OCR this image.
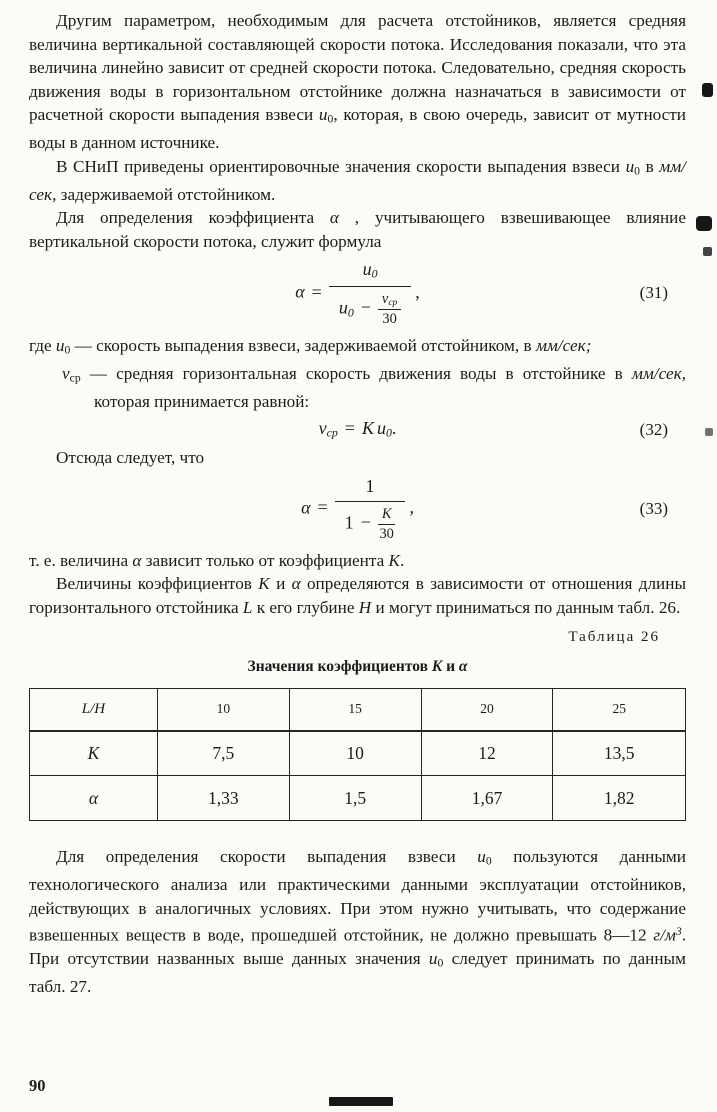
Другим параметром, необходимым для расчета отстойников, является средняя величина вертикальной составляющей скорости потока. Исследования показали, что эта величина линейно зависит от средней скорости потока. Следовательно, средняя скорость движения воды в горизонтальном отстойнике должна назначаться в зависимости от расчетной скорости выпадения взвеси u0, которая, в свою очередь, зависит от мутности воды в данном источнике.

В СНиП приведены ориентировочные значения скорости выпадения взвеси u0 в мм/сек, задерживаемой отстойником.

Для определения коэффициента α , учитывающего взвешивающее влияние вертикальной скорости потока, служит формула

$\alpha = u_0$
$u_0 - v_{ср}$
30 ,	(31)

где u0 — скорость выпадения взвеси, задерживаемой отстойником, в мм/сек;

vср — средняя горизонтальная скорость движения воды в отстойнике в мм/сек, которая принимается равной:

$v_{ср} = K$ $u_0$.	(32)

Отсюда следует, что

$\alpha = \frac{1}{1 - \frac{K}{30}}$ ,	(33)

т. е. величина α зависит только от коэффициента K.

Величины коэффициентов K и α определяются в зависимости от отношения длины горизонтального отстойника L к его глубине H и могут приниматься по данным табл. 26.

Таблица 26
Значения коэффициентов K и α
L/H	10	15	20	25
K	7,5	10	12	13,5
α	1,33	1,5	1,67	1,82

Для определения скорости выпадения взвеси u0 пользуются данными технологического анализа или практическими данными эксплуатации отстойников, действующих в аналогичных условиях. При этом нужно учитывать, что содержание взвешенных веществ в воде, прошедшей отстойник, не должно превышать 8—12 $г/м^3$. При отсутствии названных выше данных значения u0 следует принимать по данным табл. 27.

90
